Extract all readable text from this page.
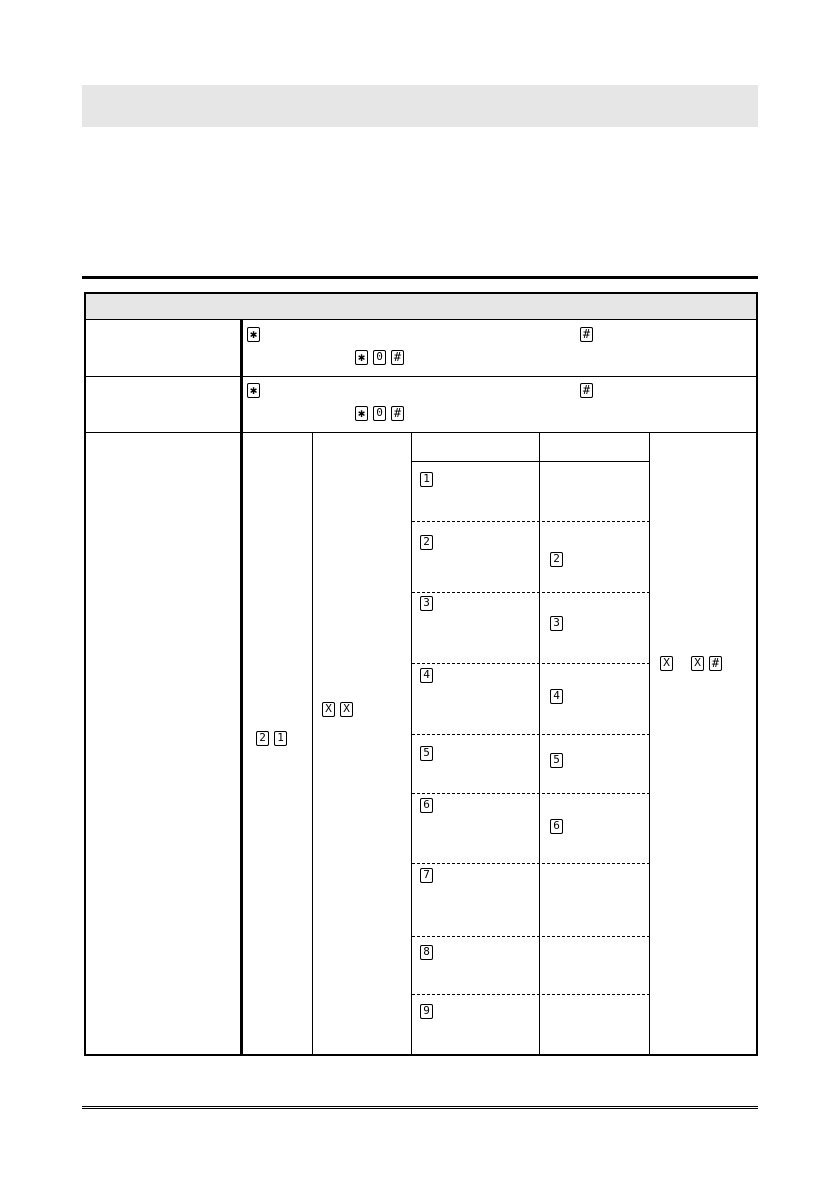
✱	#
✱ 0 #
✱	#
✱ 0 #
2 1
X X
1
2
3
4
5
6
7
8
9
2
3
4
5
6
X X #
